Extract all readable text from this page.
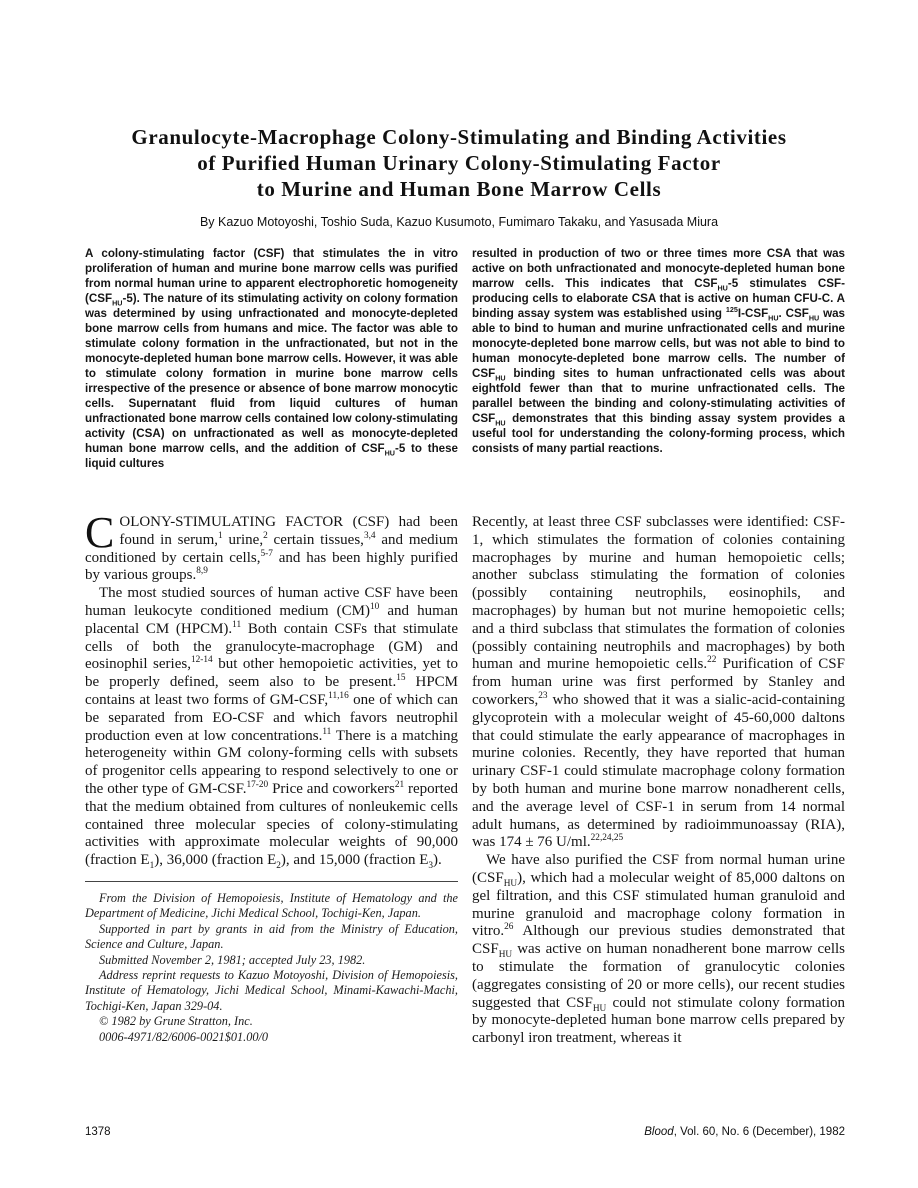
Granulocyte-Macrophage Colony-Stimulating and Binding Activities
of Purified Human Urinary Colony-Stimulating Factor
to Murine and Human Bone Marrow Cells
By Kazuo Motoyoshi, Toshio Suda, Kazuo Kusumoto, Fumimaro Takaku, and Yasusada Miura
A colony-stimulating factor (CSF) that stimulates the in vitro proliferation of human and murine bone marrow cells was purified from normal human urine to apparent electrophoretic homogeneity $(CSF_{HU}-5)$. The nature of its stimulating activity on colony formation was determined by using unfractionated and monocyte-depleted bone marrow cells from humans and mice. The factor was able to stimulate colony formation in the unfractionated, but not in the monocyte-depleted human bone marrow cells. However, it was able to stimulate colony formation in murine bone marrow cells irrespective of the presence or absence of bone marrow monocytic cells. Supernatant fluid from liquid cultures of human unfractionated bone marrow cells contained low colony-stimulating activity (CSA) on unfractionated as well as monocyte-depleted human bone marrow cells, and the addition of $CSF_{HU}-5$ to these liquid cultures
resulted in production of two or three times more CSA that was active on both unfractionated and monocyte-depleted human bone marrow cells. This indicates that $CSF_{HU}-5$ stimulates CSF-producing cells to elaborate CSA that is active on human CFU-C. A binding assay system was established using $^{125}I-CSF_{HU}$. $CSF_{HU}$ was able to bind to human and murine unfractionated cells and murine monocyte-depleted bone marrow cells, but was not able to bind to human monocyte-depleted bone marrow cells. The number of $CSF_{HU}$ binding sites to human unfractionated cells was about eightfold fewer than that to murine unfractionated cells. The parallel between the binding and colony-stimulating activities of $CSF_{HU}$ demonstrates that this binding assay system provides a useful tool for understanding the colony-forming process, which consists of many partial reactions.

COLONY-STIMULATING FACTOR (CSF) had been found in serum,$^1$ urine,$^2$ certain tissues,$^{3,4}$ and medium conditioned by certain cells,$^{5-7}$ and has been highly purified by various groups.$^{8,9}$

The most studied sources of human active CSF have been human leukocyte conditioned medium (CM)$^{10}$ and human placental CM (HPCM).$^{11}$ Both contain CSFs that stimulate cells of both the granulocyte-macrophage (GM) and eosinophil series,$^{12-14}$ but other hemopoietic activities, yet to be properly defined, seem also to be present.$^{15}$ HPCM contains at least two forms of GM-CSF,$^{11,16}$ one of which can be separated from EO-CSF and which favors neutrophil production even at low concentrations.$^{11}$ There is a matching heterogeneity within GM colony-forming cells with subsets of progenitor cells appearing to respond selectively to one or the other type of GM-CSF.$^{17-20}$ Price and coworkers$^{21}$ reported that the medium obtained from cultures of nonleukemic cells contained three molecular species of colony-stimulating activities with approximate molecular weights of 90,000 (fraction $E_1$), 36,000 (fraction $E_2$), and 15,000 (fraction $E_3$).

From the Division of Hemopoiesis, Institute of Hematology and the Department of Medicine, Jichi Medical School, Tochigi-Ken, Japan.

Supported in part by grants in aid from the Ministry of Education, Science and Culture, Japan.

Submitted November 2, 1981; accepted July 23, 1982.

Address reprint requests to Kazuo Motoyoshi, Division of Hemopoiesis, Institute of Hematology, Jichi Medical School, Minami-Kawachi-Machi, Tochigi-Ken, Japan 329-04.

© 1982 by Grune Stratton, Inc.

0006-4971/82/6006-0021$01.00/0

Recently, at least three CSF subclasses were identified: CSF-1, which stimulates the formation of colonies containing macrophages by murine and human hemopoietic cells; another subclass stimulating the formation of colonies (possibly containing neutrophils, eosinophils, and macrophages) by human but not murine hemopoietic cells; and a third subclass that stimulates the formation of colonies (possibly containing neutrophils and macrophages) by both human and murine hemopoietic cells.$^{22}$ Purification of CSF from human urine was first performed by Stanley and coworkers,$^{23}$ who showed that it was a sialic-acid-containing glycoprotein with a molecular weight of 45-60,000 daltons that could stimulate the early appearance of macrophages in murine colonies. Recently, they have reported that human urinary CSF-1 could stimulate macrophage colony formation by both human and murine bone marrow nonadherent cells, and the average level of CSF-1 in serum from 14 normal adult humans, as determined by radioimmunoassay (RIA), was 174 ± 76 U/ml.$^{22,24,25}$

We have also purified the CSF from normal human urine $(CSF_{HU})$, which had a molecular weight of 85,000 daltons on gel filtration, and this CSF stimulated human granuloid and murine granuloid and macrophage colony formation in vitro.$^{26}$ Although our previous studies demonstrated that $CSF_{HU}$ was active on human nonadherent bone marrow cells to stimulate the formation of granulocytic colonies (aggregates consisting of 20 or more cells), our recent studies suggested that $CSF_{HU}$ could not stimulate colony formation by monocyte-depleted human bone marrow cells prepared by carbonyl iron treatment, whereas it

1378	Blood, Vol. 60, No. 6 (December), 1982
